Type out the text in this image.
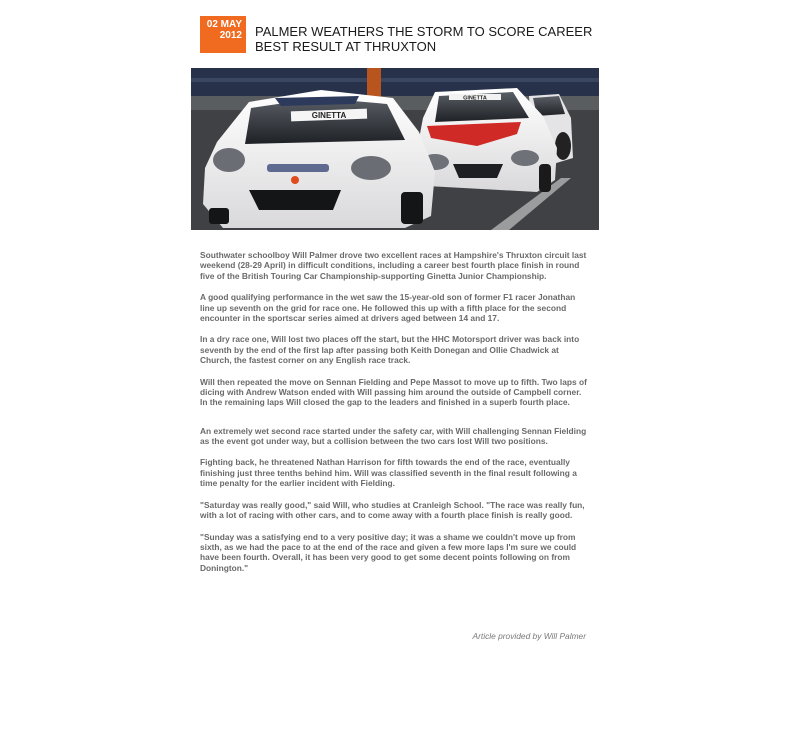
02 MAY
2012 PALMER WEATHERS THE STORM TO SCORE CAREER BEST RESULT AT THRUXTON
GINETTA
GINETTA

Southwater schoolboy Will Palmer drove two excellent races at Hampshire's Thruxton circuit last weekend (28-29 April) in difficult conditions, including a career best fourth place finish in round five of the British Touring Car Championship-supporting Ginetta Junior Championship.

A good qualifying performance in the wet saw the 15-year-old son of former F1 racer Jonathan line up seventh on the grid for race one. He followed this up with a fifth place for the second encounter in the sportscar series aimed at drivers aged between 14 and 17.

In a dry race one, Will lost two places off the start, but the HHC Motorsport driver was back into seventh by the end of the first lap after passing both Keith Donegan and Ollie Chadwick at Church, the fastest corner on any English race track.

Will then repeated the move on Sennan Fielding and Pepe Massot to move up to fifth. Two laps of dicing with Andrew Watson ended with Will passing him around the outside of Campbell corner. In the remaining laps Will closed the gap to the leaders and finished in a superb fourth place.

An extremely wet second race started under the safety car, with Will challenging Sennan Fielding as the event got under way, but a collision between the two cars lost Will two positions.

Fighting back, he threatened Nathan Harrison for fifth towards the end of the race, eventually finishing just three tenths behind him. Will was classified seventh in the final result following a time penalty for the earlier incident with Fielding.

"Saturday was really good," said Will, who studies at Cranleigh School. "The race was really fun, with a lot of racing with other cars, and to come away with a fourth place finish is really good.

"Sunday was a satisfying end to a very positive day; it was a shame we couldn't move up from sixth, as we had the pace to at the end of the race and given a few more laps I'm sure we could have been fourth. Overall, it has been very good to get some decent points following on from Donington."

Article provided by Will Palmer
